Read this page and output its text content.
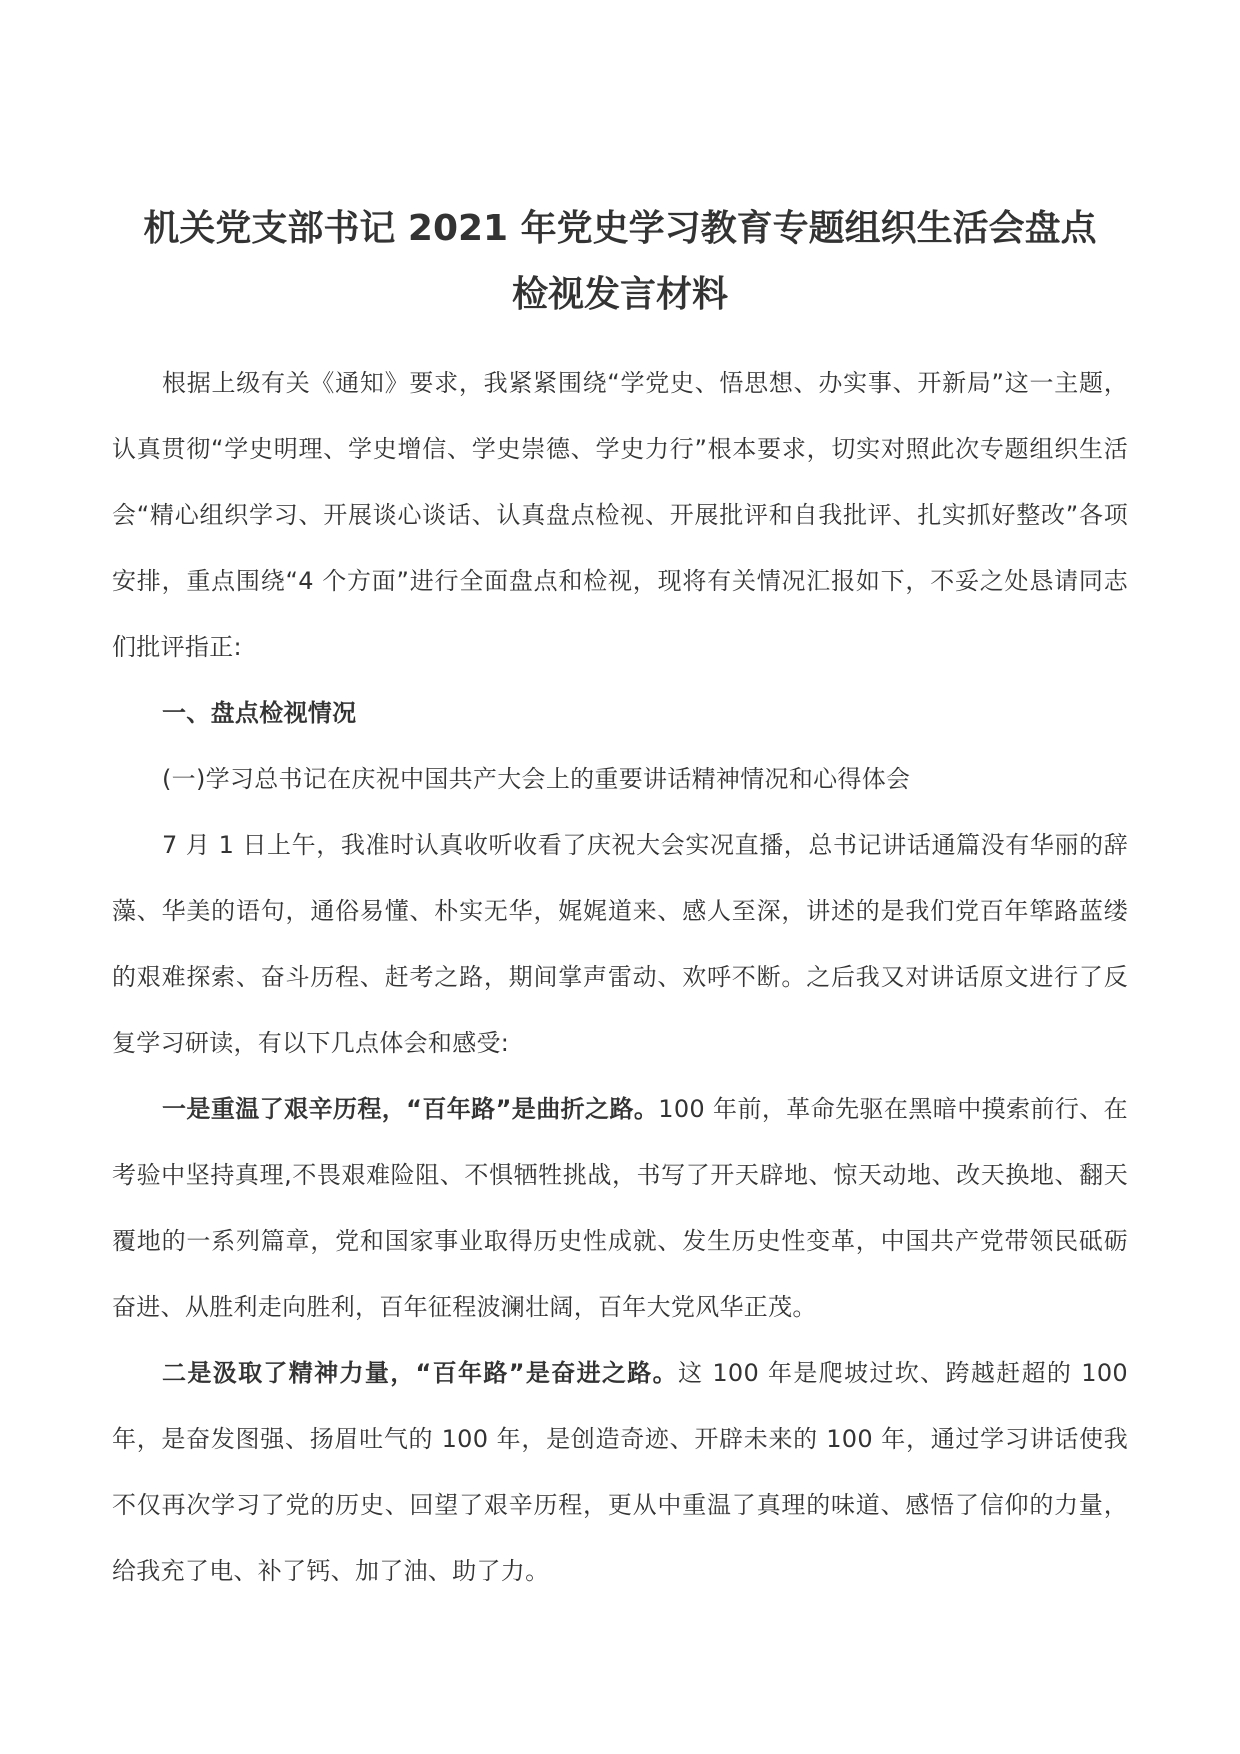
机关党支部书记 2021 年党史学习教育专题组织生活会盘点
检视发言材料

根据上级有关《通知》要求，我紧紧围绕“学党史、悟思想、办实事、开新局”这一主题，认真贯彻“学史明理、学史增信、学史崇德、学史力行”根本要求，切实对照此次专题组织生活会“精心组织学习、开展谈心谈话、认真盘点检视、开展批评和自我批评、扎实抓好整改”各项安排，重点围绕“4 个方面”进行全面盘点和检视，现将有关情况汇报如下，不妥之处恳请同志们批评指正:

一、盘点检视情况

(一)学习总书记在庆祝中国共产大会上的重要讲话精神情况和心得体会

7 月 1 日上午，我准时认真收听收看了庆祝大会实况直播，总书记讲话通篇没有华丽的辞藻、华美的语句，通俗易懂、朴实无华，娓娓道来、感人至深，讲述的是我们党百年筚路蓝缕的艰难探索、奋斗历程、赶考之路，期间掌声雷动、欢呼不断。之后我又对讲话原文进行了反复学习研读，有以下几点体会和感受:

一是重温了艰辛历程，“百年路”是曲折之路。100 年前，革命先驱在黑暗中摸索前行、在考验中坚持真理,不畏艰难险阻、不惧牺牲挑战，书写了开天辟地、惊天动地、改天换地、翻天覆地的一系列篇章，党和国家事业取得历史性成就、发生历史性变革，中国共产党带领民砥砺奋进、从胜利走向胜利，百年征程波澜壮阔，百年大党风华正茂。

二是汲取了精神力量，“百年路”是奋进之路。这 100 年是爬坡过坎、跨越赶超的 100 年，是奋发图强、扬眉吐气的 100 年，是创造奇迹、开辟未来的 100 年，通过学习讲话使我不仅再次学习了党的历史、回望了艰辛历程，更从中重温了真理的味道、感悟了信仰的力量，给我充了电、补了钙、加了油、助了力。
